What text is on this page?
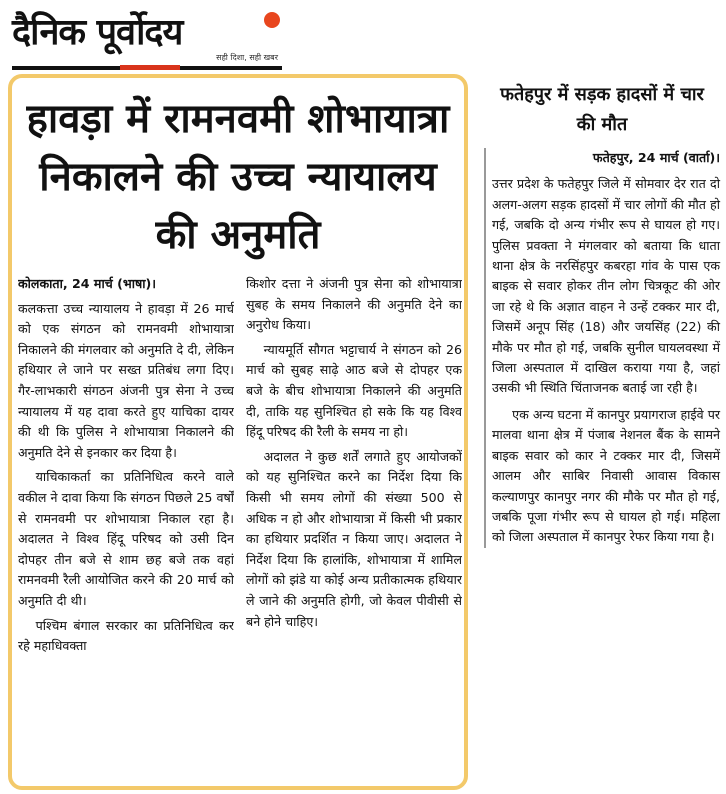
दैनिक पूर्वोदय
सही दिशा, सही खबर
हावड़ा में रामनवमी शोभायात्रा निकालने की उच्च न्यायालय की अनुमति

कोलकाता, 24 मार्च (भाषा)।

कलकत्ता उच्च न्यायालय ने हावड़ा में 26 मार्च को एक संगठन को रामनवमी शोभायात्रा निकालने की मंगलवार को अनुमति दे दी, लेकिन हथियार ले जाने पर सख्त प्रतिबंध लगा दिए। गैर-लाभकारी संगठन अंजनी पुत्र सेना ने उच्च न्यायालय में यह दावा करते हुए याचिका दायर की थी कि पुलिस ने शोभायात्रा निकालने की अनुमति देने से इनकार कर दिया है।

याचिकाकर्ता का प्रतिनिधित्व करने वाले वकील ने दावा किया कि संगठन पिछले 25 वर्षों से रामनवमी पर शोभायात्रा निकाल रहा है। अदालत ने विश्व हिंदू परिषद को उसी दिन दोपहर तीन बजे से शाम छह बजे तक वहां रामनवमी रैली आयोजित करने की 20 मार्च को अनुमति दी थी।

पश्चिम बंगाल सरकार का प्रतिनिधित्व कर रहे महाधिवक्ता

किशोर दत्ता ने अंजनी पुत्र सेना को शोभायात्रा सुबह के समय निकालने की अनुमति देने का अनुरोध किया।

न्यायमूर्ति सौगत भट्टाचार्य ने संगठन को 26 मार्च को सुबह साढ़े आठ बजे से दोपहर एक बजे के बीच शोभायात्रा निकालने की अनुमति दी, ताकि यह सुनिश्चित हो सके कि यह विश्व हिंदू परिषद की रैली के समय ना हो।

अदालत ने कुछ शर्तें लगाते हुए आयोजकों को यह सुनिश्चित करने का निर्देश दिया कि किसी भी समय लोगों की संख्या 500 से अधिक न हो और शोभायात्रा में किसी भी प्रकार का हथियार प्रदर्शित न किया जाए। अदालत ने निर्देश दिया कि हालांकि, शोभायात्रा में शामिल लोगों को झंडे या कोई अन्य प्रतीकात्मक हथियार ले जाने की अनुमति होगी, जो केवल पीवीसी से बने होने चाहिए।

फतेहपुर में सड़क हादसों में चार की मौत

फतेहपुर, 24 मार्च (वार्ता)।

उत्तर प्रदेश के फतेहपुर जिले में सोमवार देर रात दो अलग-अलग सड़क हादसों में चार लोगों की मौत हो गई, जबकि दो अन्य गंभीर रूप से घायल हो गए। पुलिस प्रवक्ता ने मंगलवार को बताया कि धाता थाना क्षेत्र के नरसिंहपुर कबरहा गांव के पास एक बाइक से सवार होकर तीन लोग चित्रकूट की ओर जा रहे थे कि अज्ञात वाहन ने उन्हें टक्कर मार दी, जिसमें अनूप सिंह (18) और जयसिंह (22) की मौके पर मौत हो गई, जबकि सुनील घायलवस्था में जिला अस्पताल में दाखिल कराया गया है, जहां उसकी भी स्थिति चिंताजनक बताई जा रही है।

एक अन्य घटना में कानपुर प्रयागराज हाईवे पर मालवा थाना क्षेत्र में पंजाब नेशनल बैंक के सामने बाइक सवार को कार ने टक्कर मार दी, जिसमें आलम और साबिर निवासी आवास विकास कल्याणपुर कानपुर नगर की मौके पर मौत हो गई, जबकि पूजा गंभीर रूप से घायल हो गई। महिला को जिला अस्पताल में कानपुर रेफर किया गया है।
